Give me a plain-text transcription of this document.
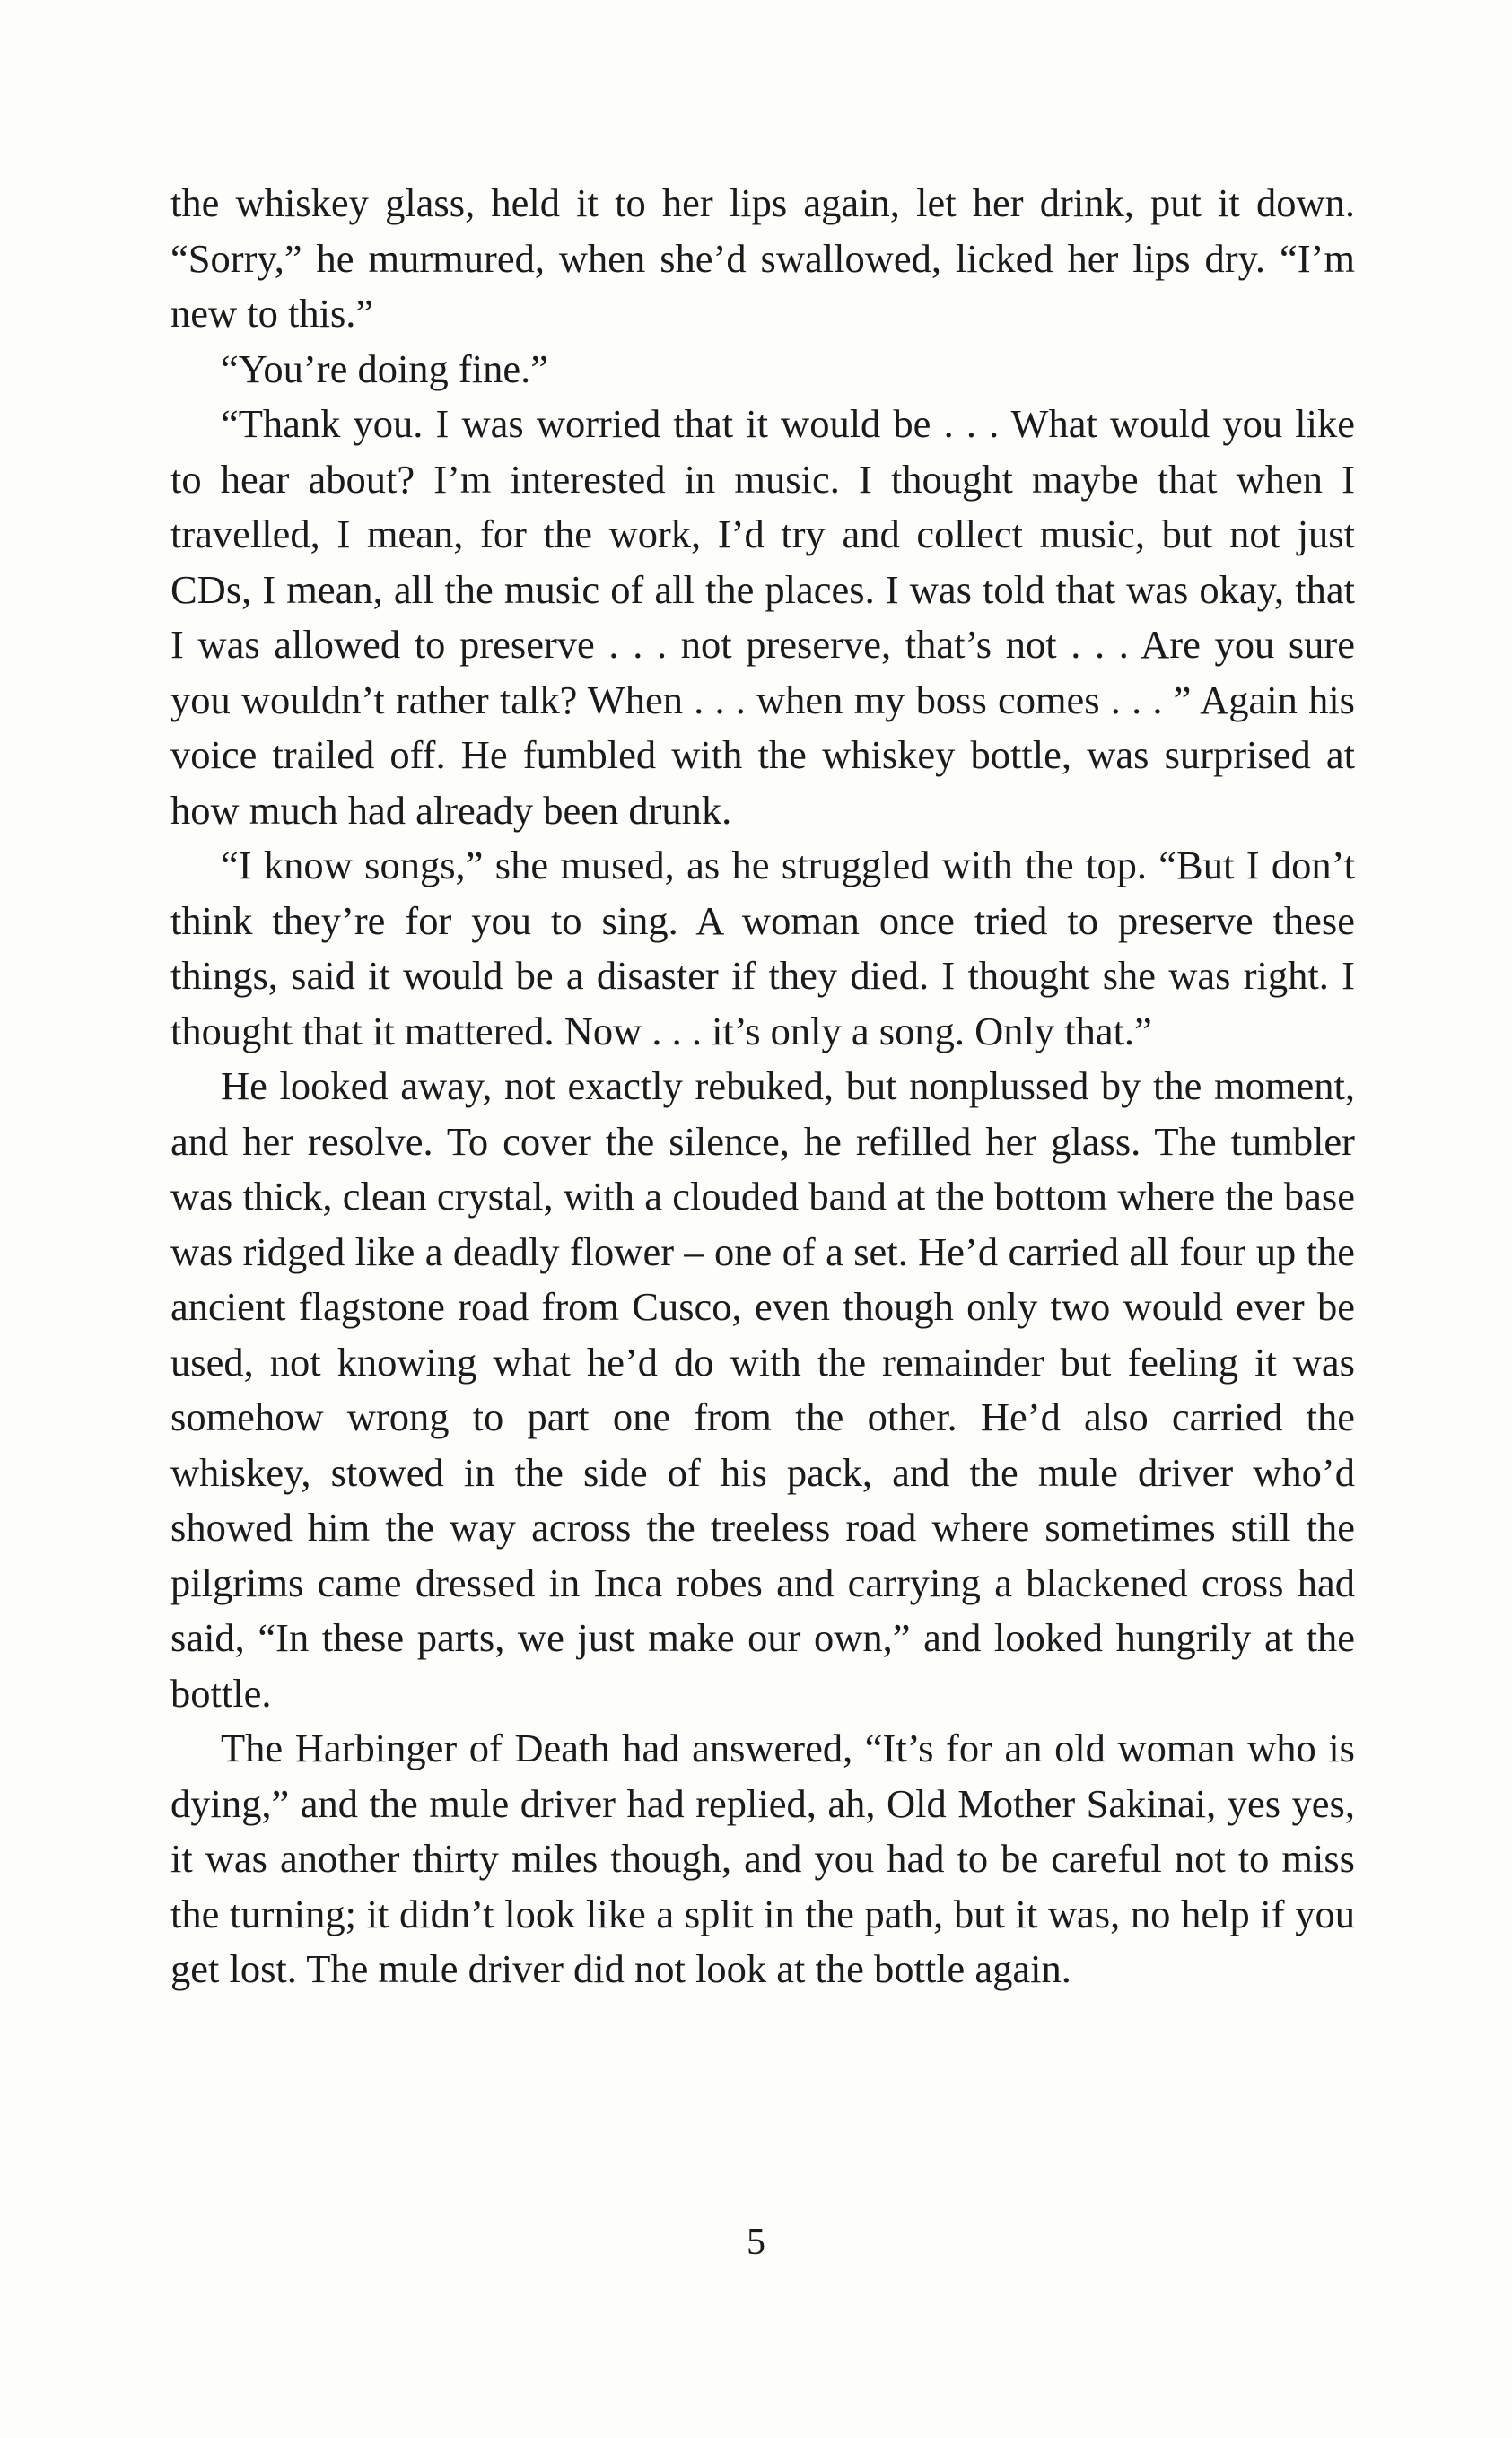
the whiskey glass, held it to her lips again, let her drink, put it down. “Sorry,” he murmured, when she’d swallowed, licked her lips dry. “I’m new to this.”

“You’re doing fine.”

“Thank you. I was worried that it would be . . . What would you like to hear about? I’m interested in music. I thought maybe that when I travelled, I mean, for the work, I’d try and collect music, but not just CDs, I mean, all the music of all the places. I was told that was okay, that I was allowed to preserve . . . not preserve, that’s not . . . Are you sure you wouldn’t rather talk? When . . . when my boss comes . . . ” Again his voice trailed off. He fumbled with the whiskey bottle, was surprised at how much had already been drunk.

“I know songs,” she mused, as he struggled with the top. “But I don’t think they’re for you to sing. A woman once tried to preserve these things, said it would be a disaster if they died. I thought she was right. I thought that it mattered. Now . . . it’s only a song. Only that.”

He looked away, not exactly rebuked, but nonplussed by the moment, and her resolve. To cover the silence, he refilled her glass. The tumbler was thick, clean crystal, with a clouded band at the bottom where the base was ridged like a deadly flower – one of a set. He’d carried all four up the ancient flagstone road from Cusco, even though only two would ever be used, not knowing what he’d do with the remainder but feeling it was somehow wrong to part one from the other. He’d also carried the whiskey, stowed in the side of his pack, and the mule driver who’d showed him the way across the treeless road where sometimes still the pilgrims came dressed in Inca robes and carrying a blackened cross had said, “In these parts, we just make our own,” and looked hungrily at the bottle.

The Harbinger of Death had answered, “It’s for an old woman who is dying,” and the mule driver had replied, ah, Old Mother Sakinai, yes yes, it was another thirty miles though, and you had to be careful not to miss the turning; it didn’t look like a split in the path, but it was, no help if you get lost. The mule driver did not look at the bottle again.

5
